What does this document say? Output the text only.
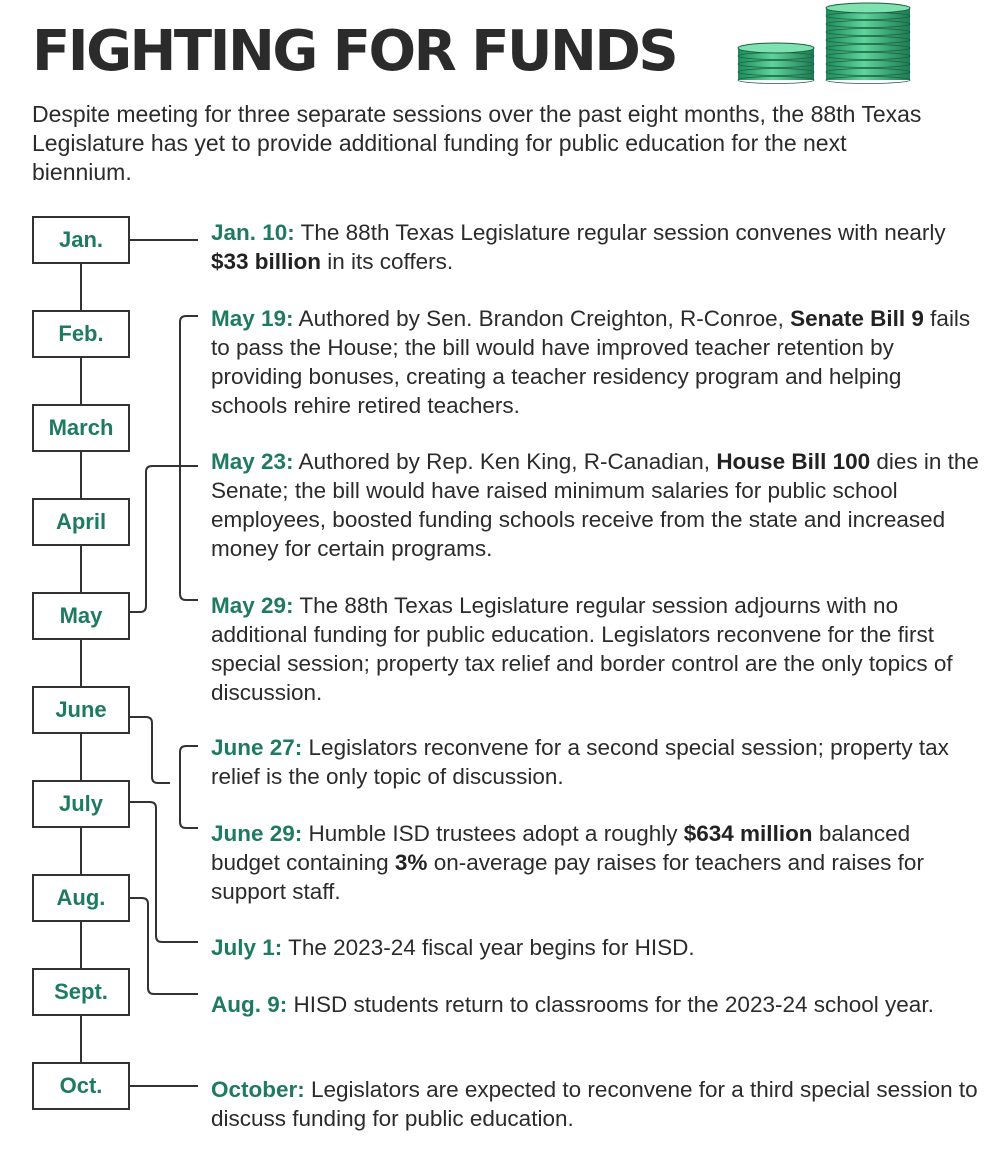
FIGHTING FOR FUNDS

Despite meeting for three separate sessions over the past eight months, the 88th Texas Legislature has yet to provide additional funding for public education for the next biennium.

Jan.
Feb.
March
April
May
June
July
Aug.
Sept.
Oct.

Jan. 10: The 88th Texas Legislature regular session convenes with nearly $33 billion in its coffers.

May 19: Authored by Sen. Brandon Creighton, R-Conroe, Senate Bill 9 fails to pass the House; the bill would have improved teacher retention by providing bonuses, creating a teacher residency program and helping schools rehire retired teachers.

May 23: Authored by Rep. Ken King, R-Canadian, House Bill 100 dies in the Senate; the bill would have raised minimum salaries for public school employees, boosted funding schools receive from the state and increased money for certain programs.

May 29: The 88th Texas Legislature regular session adjourns with no additional funding for public education. Legislators reconvene for the first special session; property tax relief and border control are the only topics of discussion.

June 27: Legislators reconvene for a second special session; property tax relief is the only topic of discussion.

June 29: Humble ISD trustees adopt a roughly $634 million balanced budget containing 3% on-average pay raises for teachers and raises for support staff.

July 1: The 2023-24 fiscal year begins for HISD.

Aug. 9: HISD students return to classrooms for the 2023-24 school year.

October: Legislators are expected to reconvene for a third special session to discuss funding for public education.
